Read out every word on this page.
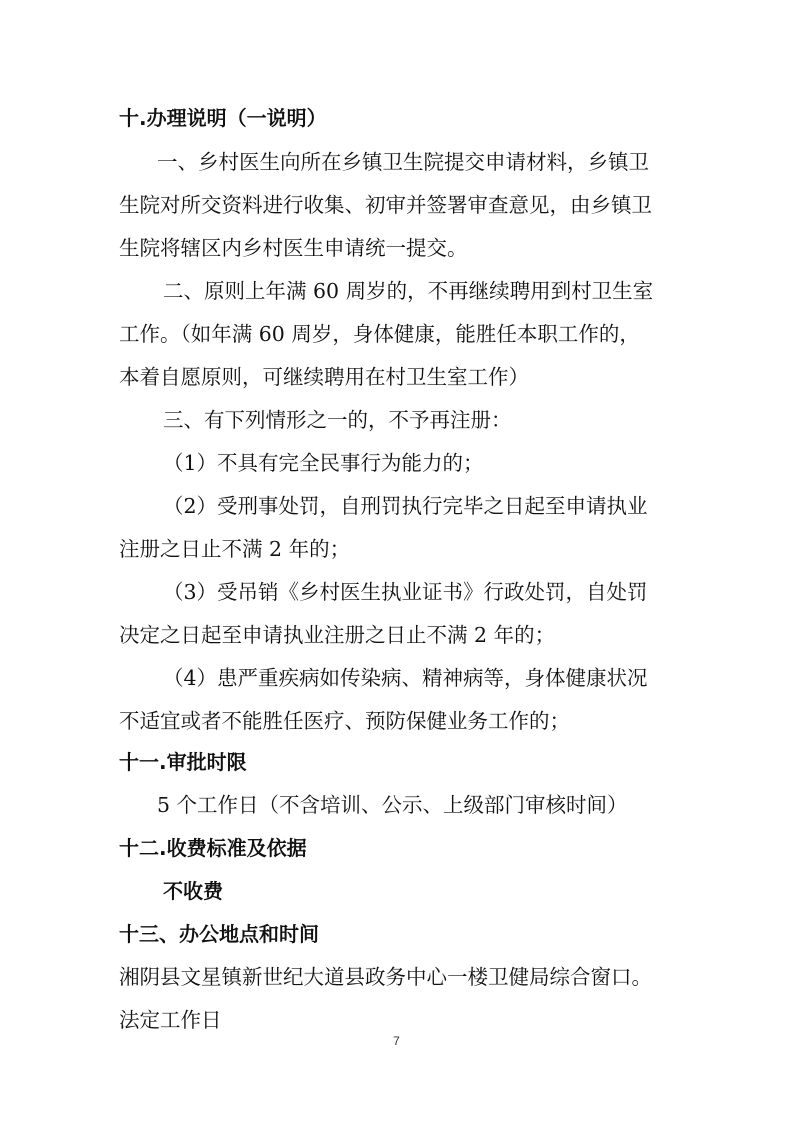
十.办理说明（一说明）
一、乡村医生向所在乡镇卫生院提交申请材料，乡镇卫
生院对所交资料进行收集、初审并签署审查意见，由乡镇卫
生院将辖区内乡村医生申请统一提交。
二、原则上年满 60 周岁的，不再继续聘用到村卫生室
工作。（如年满 60 周岁，身体健康，能胜任本职工作的，
本着自愿原则，可继续聘用在村卫生室工作）
三、有下列情形之一的，不予再注册：
（1）不具有完全民事行为能力的；
（2）受刑事处罚，自刑罚执行完毕之日起至申请执业
注册之日止不满 2 年的；
（3）受吊销《乡村医生执业证书》行政处罚，自处罚
决定之日起至申请执业注册之日止不满 2 年的；
（4）患严重疾病如传染病、精神病等，身体健康状况
不适宜或者不能胜任医疗、预防保健业务工作的；
十一.审批时限
5 个工作日（不含培训、公示、上级部门审核时间）
十二.收费标准及依据
不收费
十三、办公地点和时间
湘阴县文星镇新世纪大道县政务中心一楼卫健局综合窗口。
法定工作日
7
